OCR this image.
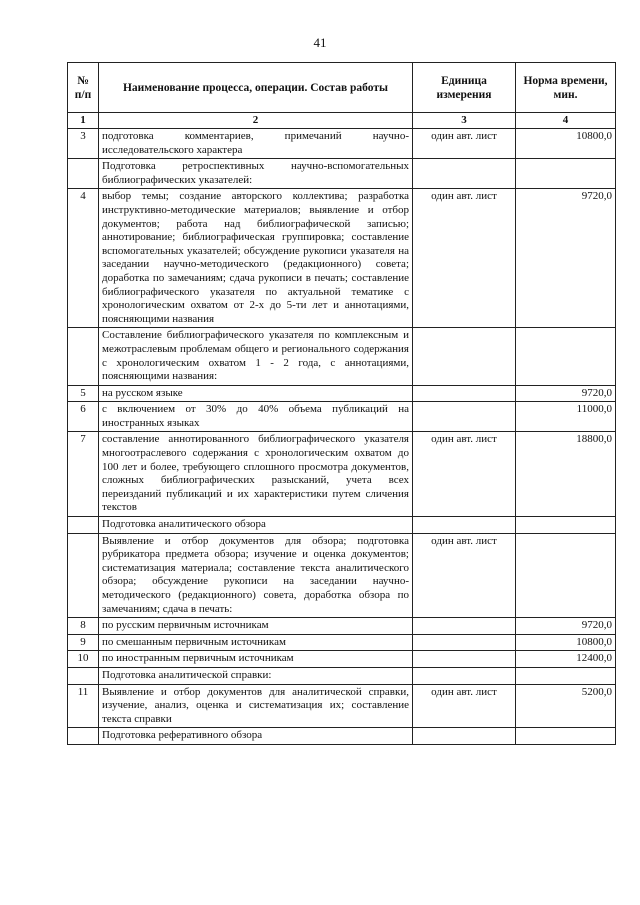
41
№ п/п	Наименование процесса, операции. Состав работы	Единица измерения	Норма времени, мин.
1	2	3	4
3	подготовка комментариев, примечаний научно-исследовательского характера	один авт. лист	10800,0
	Подготовка ретроспективных научно-вспомогательных библиографических указателей:		
4	выбор темы; создание авторского коллектива; разработка инструктивно-методические материалов; выявление и отбор документов; работа над библиографической записью; аннотирование; библиографическая группировка; составление вспомогательных указателей; обсуждение рукописи указателя на заседании научно-методического (редакционного) совета; доработка по замечаниям; сдача рукописи в печать; составление библиографического указателя по актуальной тематике с хронологическим охватом от 2-х до 5-ти лет и аннотациями, поясняющими названия	один авт. лист	9720,0
	Составление библиографического указателя по комплексным и межотраслевым проблемам общего и регионального содержания с хронологическим охватом 1 - 2 года, с аннотациями, поясняющими названия:		
5	на русском языке		9720,0
6	с включением от 30% до 40% объема публикаций на иностранных языках		11000,0
7	составление аннотированного библиографического указателя многоотраслевого содержания с хронологическим охватом до 100 лет и более, требующего сплошного просмотра документов, сложных библиографических разысканий, учета всех переизданий публикаций и их характеристики путем сличения текстов	один авт. лист	18800,0
	Подготовка аналитического обзора		
	Выявление и отбор документов для обзора; подготовка рубрикатора предмета обзора; изучение и оценка документов; систематизация материала; составление текста аналитического обзора; обсуждение рукописи на заседании научно-методического (редакционного) совета, доработка обзора по замечаниям; сдача в печать:	один авт. лист	
8	по русским первичным источникам		9720,0
9	по смешанным первичным источникам		10800,0
10	по иностранным первичным источникам		12400,0
	Подготовка аналитической справки:		
11	Выявление и отбор документов для аналитической справки, изучение, анализ, оценка и систематизация их; составление текста справки	один авт. лист	5200,0
	Подготовка реферативного обзора		
